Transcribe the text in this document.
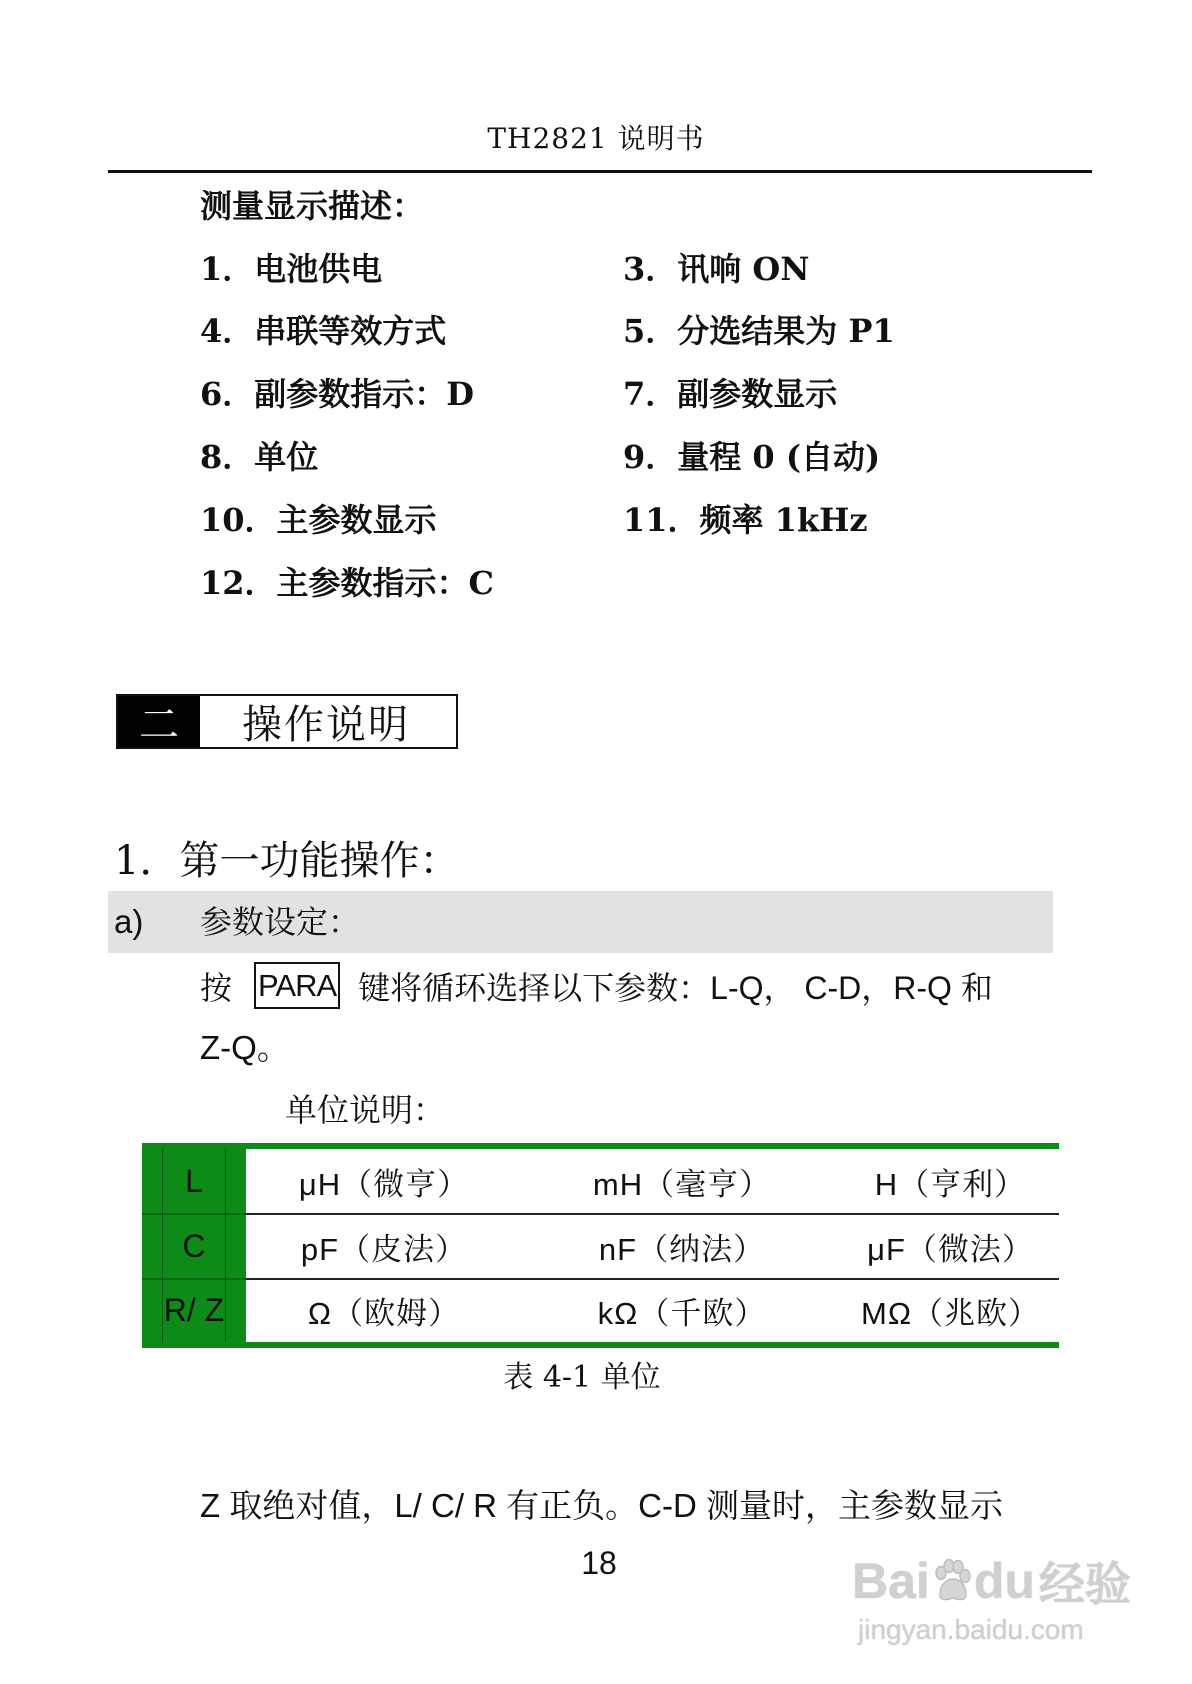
TH2821 说明书
测量显示描述：
1．电池供电	3．讯响 ON
4．串联等效方式	5．分选结果为 P1
6．副参数指示：D	7．副参数显示
8．单位	9．量程 0 (自动)
10．主参数显示	11．频率 1kHz
12．主参数指示：C
二	操作说明
1．第一功能操作：
a) 参数设定：
按 PARA 键将循环选择以下参数：L-Q， C-D，R-Q 和
Z-Q。
单位说明：
L	μH（微亨）	mH（毫亨）	H（亨利）
C	pF（皮法）	nF（纳法）	μF（微法）
R/ Z	Ω（欧姆）	kΩ（千欧）	MΩ（兆欧）
表 4-1 单位
Z 取绝对值，L/ C/ R 有正负。C-D 测量时，主参数显示
18	Bai du 经验
jingyan.baidu.com
